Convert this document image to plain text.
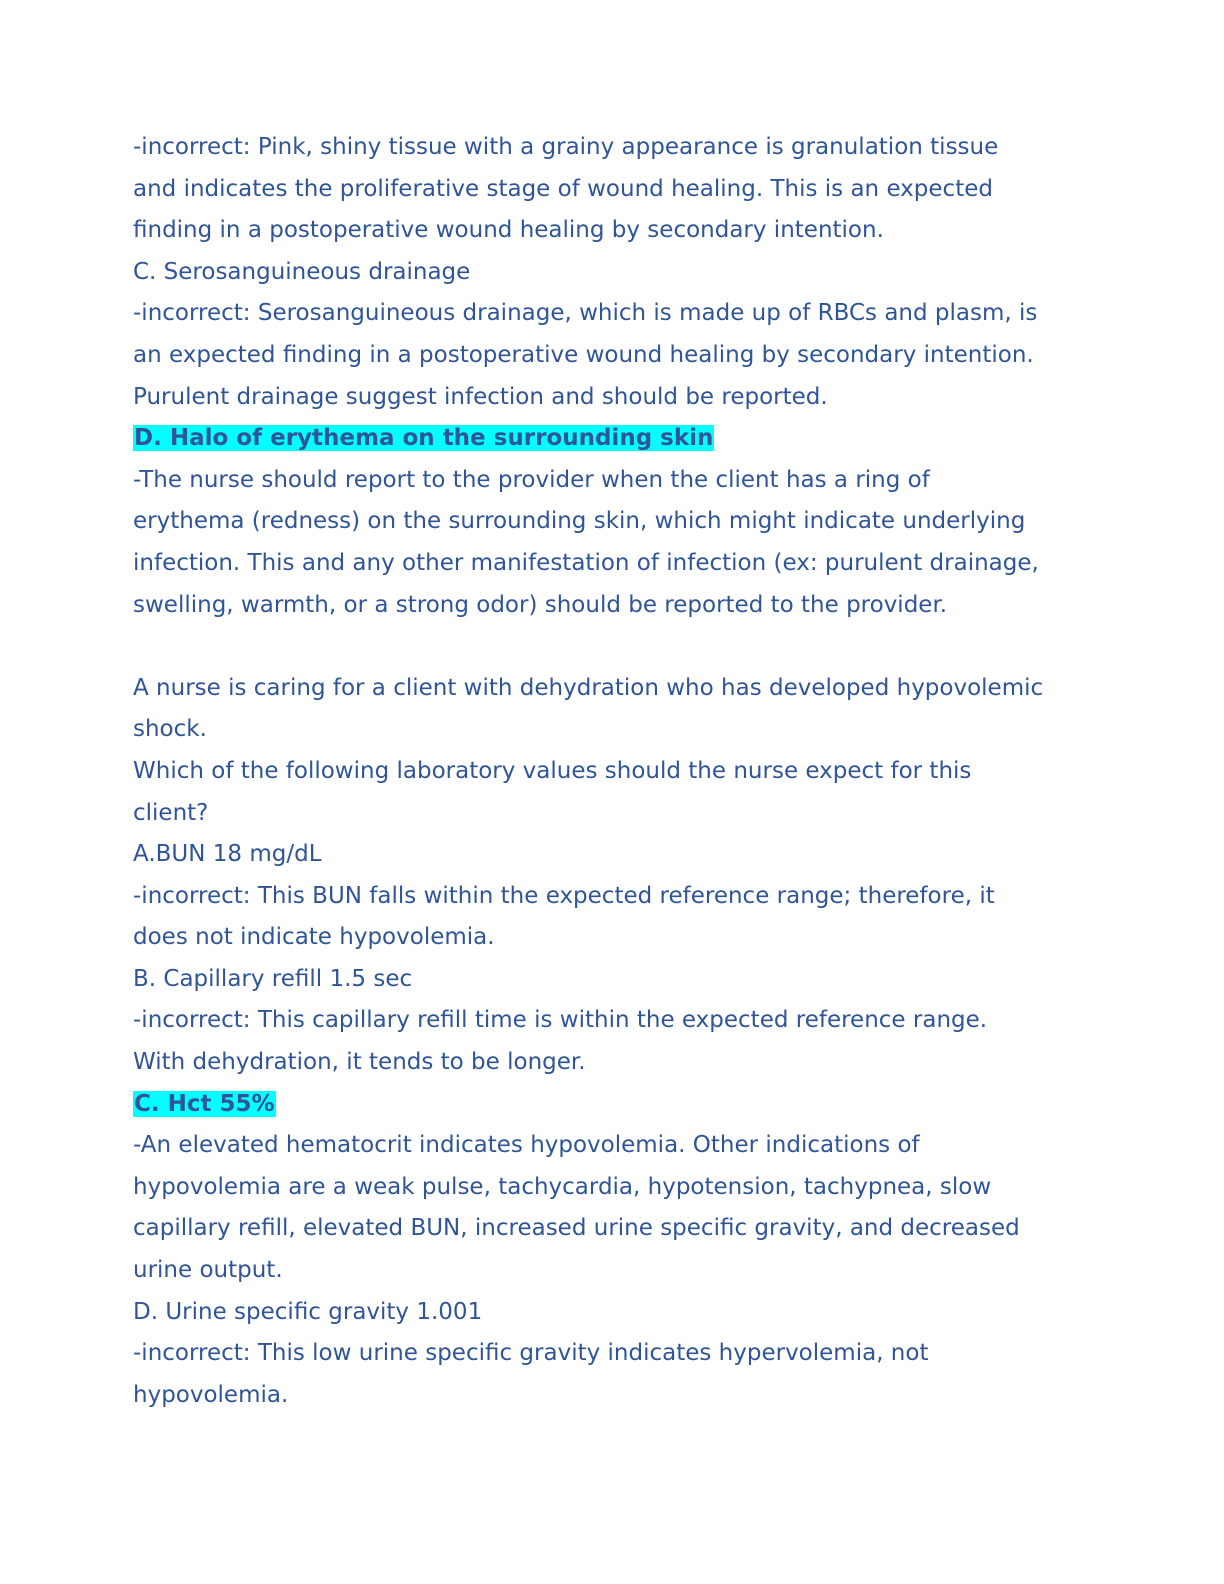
-incorrect: Pink, shiny tissue with a grainy appearance is granulation tissue
and indicates the proliferative stage of wound healing. This is an expected
finding in a postoperative wound healing by secondary intention.
C. Serosanguineous drainage
-incorrect: Serosanguineous drainage, which is made up of RBCs and plasm, is
an expected finding in a postoperative wound healing by secondary intention.
Purulent drainage suggest infection and should be reported.
D. Halo of erythema on the surrounding skin
-The nurse should report to the provider when the client has a ring of
erythema (redness) on the surrounding skin, which might indicate underlying
infection. This and any other manifestation of infection (ex: purulent drainage,
swelling, warmth, or a strong odor) should be reported to the provider.
A nurse is caring for a client with dehydration who has developed hypovolemic
shock.
Which of the following laboratory values should the nurse expect for this
client?
A.BUN 18 mg/dL
-incorrect: This BUN falls within the expected reference range; therefore, it
does not indicate hypovolemia.
B. Capillary refill 1.5 sec
-incorrect: This capillary refill time is within the expected reference range.
With dehydration, it tends to be longer.
C. Hct 55%
-An elevated hematocrit indicates hypovolemia. Other indications of
hypovolemia are a weak pulse, tachycardia, hypotension, tachypnea, slow
capillary refill, elevated BUN, increased urine specific gravity, and decreased
urine output.
D. Urine specific gravity 1.001
-incorrect: This low urine specific gravity indicates hypervolemia, not
hypovolemia.
